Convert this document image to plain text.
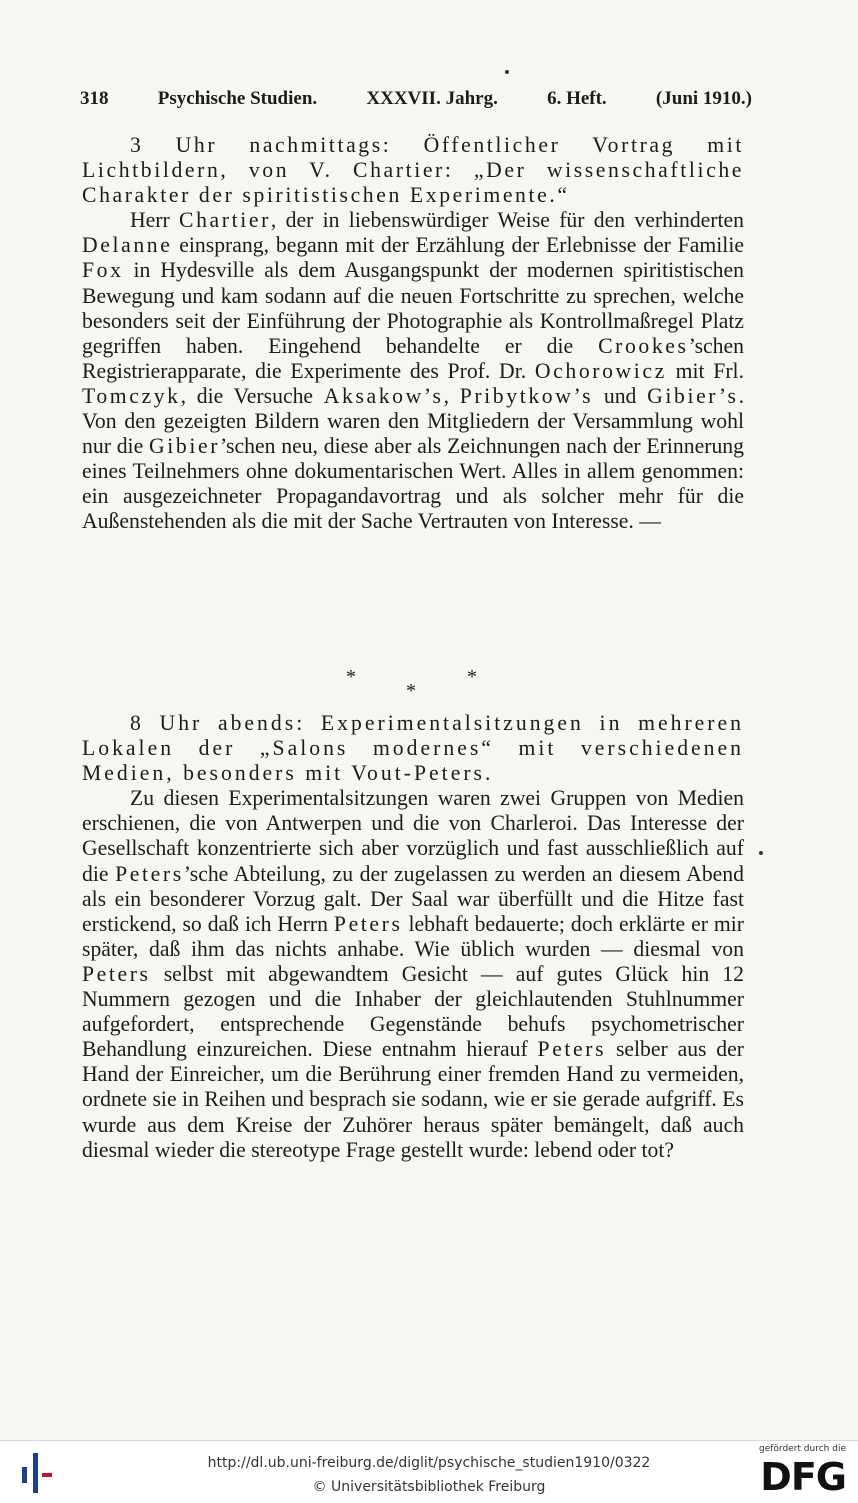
318	Psychische Studien.	XXXVII. Jahrg.	6. Heft.	(Juni 1910.)

3 Uhr nachmittags: Öffentlicher Vortrag mit Lichtbildern, von V. Chartier: „Der wissenschaftliche Charakter der spiritistischen Experimente.“

Herr Chartier, der in liebenswürdiger Weise für den verhinderten Delanne einsprang, begann mit der Erzählung der Erlebnisse der Familie Fox in Hydesville als dem Ausgangspunkt der modernen spiritistischen Bewegung und kam sodann auf die neuen Fortschritte zu sprechen, welche besonders seit der Einführung der Photographie als Kontrollmaßregel Platz gegriffen haben. Eingehend behandelte er die Crookes’schen Registrierapparate, die Experimente des Prof. Dr. Ochorowicz mit Frl. Tomczyk, die Versuche Aksakow’s, Pribytkow’s und Gibier’s. Von den gezeigten Bildern waren den Mitgliedern der Versammlung wohl nur die Gibier’schen neu, diese aber als Zeichnungen nach der Erinnerung eines Teilnehmers ohne dokumentarischen Wert. Alles in allem genommen: ein ausgezeichneter Propagandavortrag und als solcher mehr für die Außenstehenden als die mit der Sache Vertrauten von Interesse. —

*
*
*

8 Uhr abends: Experimentalsitzungen in mehreren Lokalen der „Salons modernes“ mit verschiedenen Medien, besonders mit Vout-Peters.

Zu diesen Experimentalsitzungen waren zwei Gruppen von Medien erschienen, die von Antwerpen und die von Charleroi. Das Interesse der Gesellschaft konzentrierte sich aber vorzüglich und fast ausschließlich auf die Peters’sche Abteilung, zu der zugelassen zu werden an diesem Abend als ein besonderer Vorzug galt. Der Saal war überfüllt und die Hitze fast erstickend, so daß ich Herrn Peters lebhaft bedauerte; doch erklärte er mir später, daß ihm das nichts anhabe. Wie üblich wurden — diesmal von Peters selbst mit abgewandtem Gesicht — auf gutes Glück hin 12 Nummern gezogen und die Inhaber der gleichlautenden Stuhlnummer aufgefordert, entsprechende Gegenstände behufs psychometrischer Behandlung einzureichen. Diese entnahm hierauf Peters selber aus der Hand der Einreicher, um die Berührung einer fremden Hand zu vermeiden, ordnete sie in Reihen und besprach sie sodann, wie er sie gerade aufgriff. Es wurde aus dem Kreise der Zuhörer heraus später bemängelt, daß auch diesmal wieder die stereotype Frage gestellt wurde: lebend oder tot?

http://dl.ub.uni-freiburg.de/diglit/psychische_studien1910/0322
© Universitätsbibliothek Freiburg
gefördert durch die
DFG
